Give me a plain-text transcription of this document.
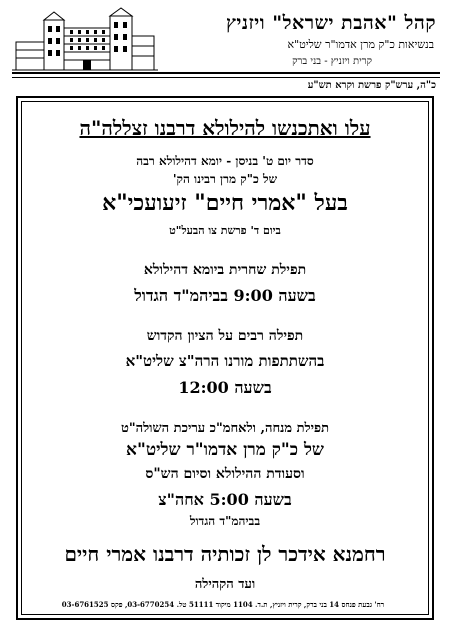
קהל "אהבת ישראל" ויזניץ
בנשיאות כ"ק מרן אדמו"ר שליט"א
קרית ויזניץ - בני ברק
כ"ה, ערש"ק פרשת וקרא תש"ע
עלו ואתכנשו להילולא דרבנו זצללה"ה
סדר יום ט' בניסן - יומא דהילולא רבה
של כ"ק מרן רבינו הק'
בעל "אמרי חיים" זיעועכי"א
ביום ד' פרשת צו הבעל"ט
תפילת שחרית ביומא דהילולא
בשעה 9:00 בביהמ"ד הגדול
תפילה רבים על הציון הקדוש
בהשתתפות מורנו הרה"צ שליט"א
בשעה 12:00
תפילת מנחה, ולאחמ"כ עריכת השולה"ט
של כ"ק מרן אדמו"ר שליט"א
וסעודת ההילולא וסיום הש"ס
בשעה 5:00 אחה"צ
בביהמ"ד הגדול
רחמנא אידכר לן זכותיה דרבנו אמרי חיים
ועד הקהילה
רח' גבעת פנחס 14 בני ברק, קרית ויזניץ, ת.ד. 1104 מיקוד 51111 טל. 03-6770254, פקס 03-6761525
